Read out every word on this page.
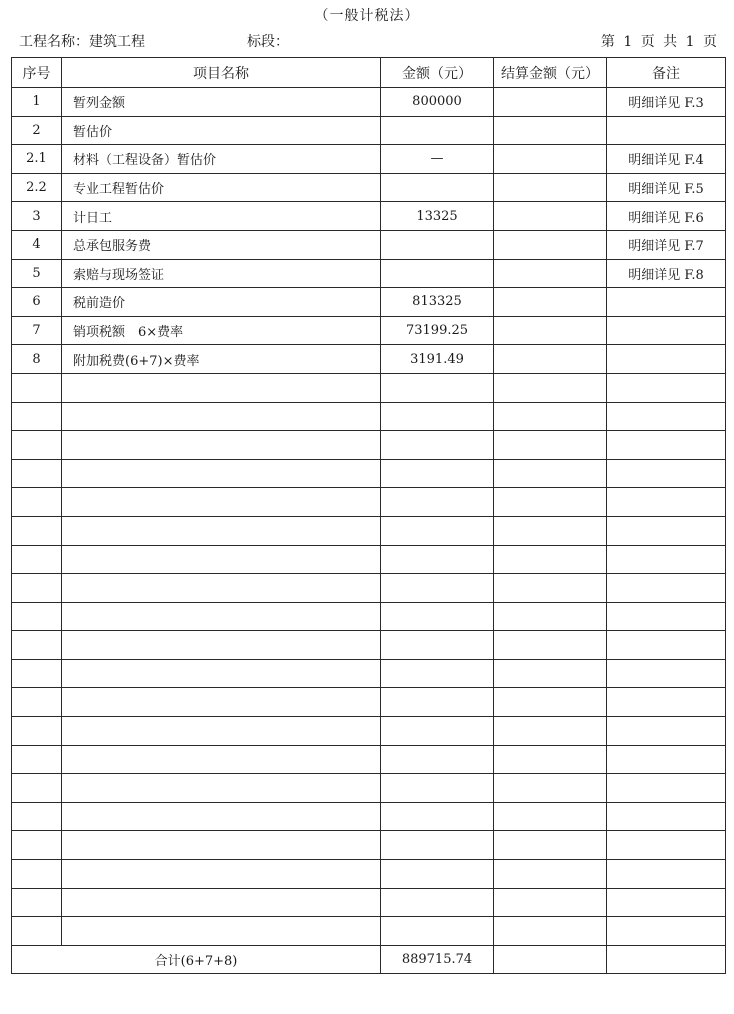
（一般计税法）
工程名称：建筑工程	标段：	第 1 页 共 1 页
序号	项目名称	金额（元）	结算金额（元）	备注
1	暂列金额	800000		明细详见 F.3
2	暂估价			
2.1	材料（工程设备）暂估价	—		明细详见 F.4
2.2	专业工程暂估价			明细详见 F.5
3	计日工	13325		明细详见 F.6
4	总承包服务费			明细详见 F.7
5	索赔与现场签证			明细详见 F.8
6	税前造价	813325		
7	销项税额　6×费率	73199.25		
8	附加税费(6+7)×费率	3191.49		

合计(6+7+8)		889715.74		
